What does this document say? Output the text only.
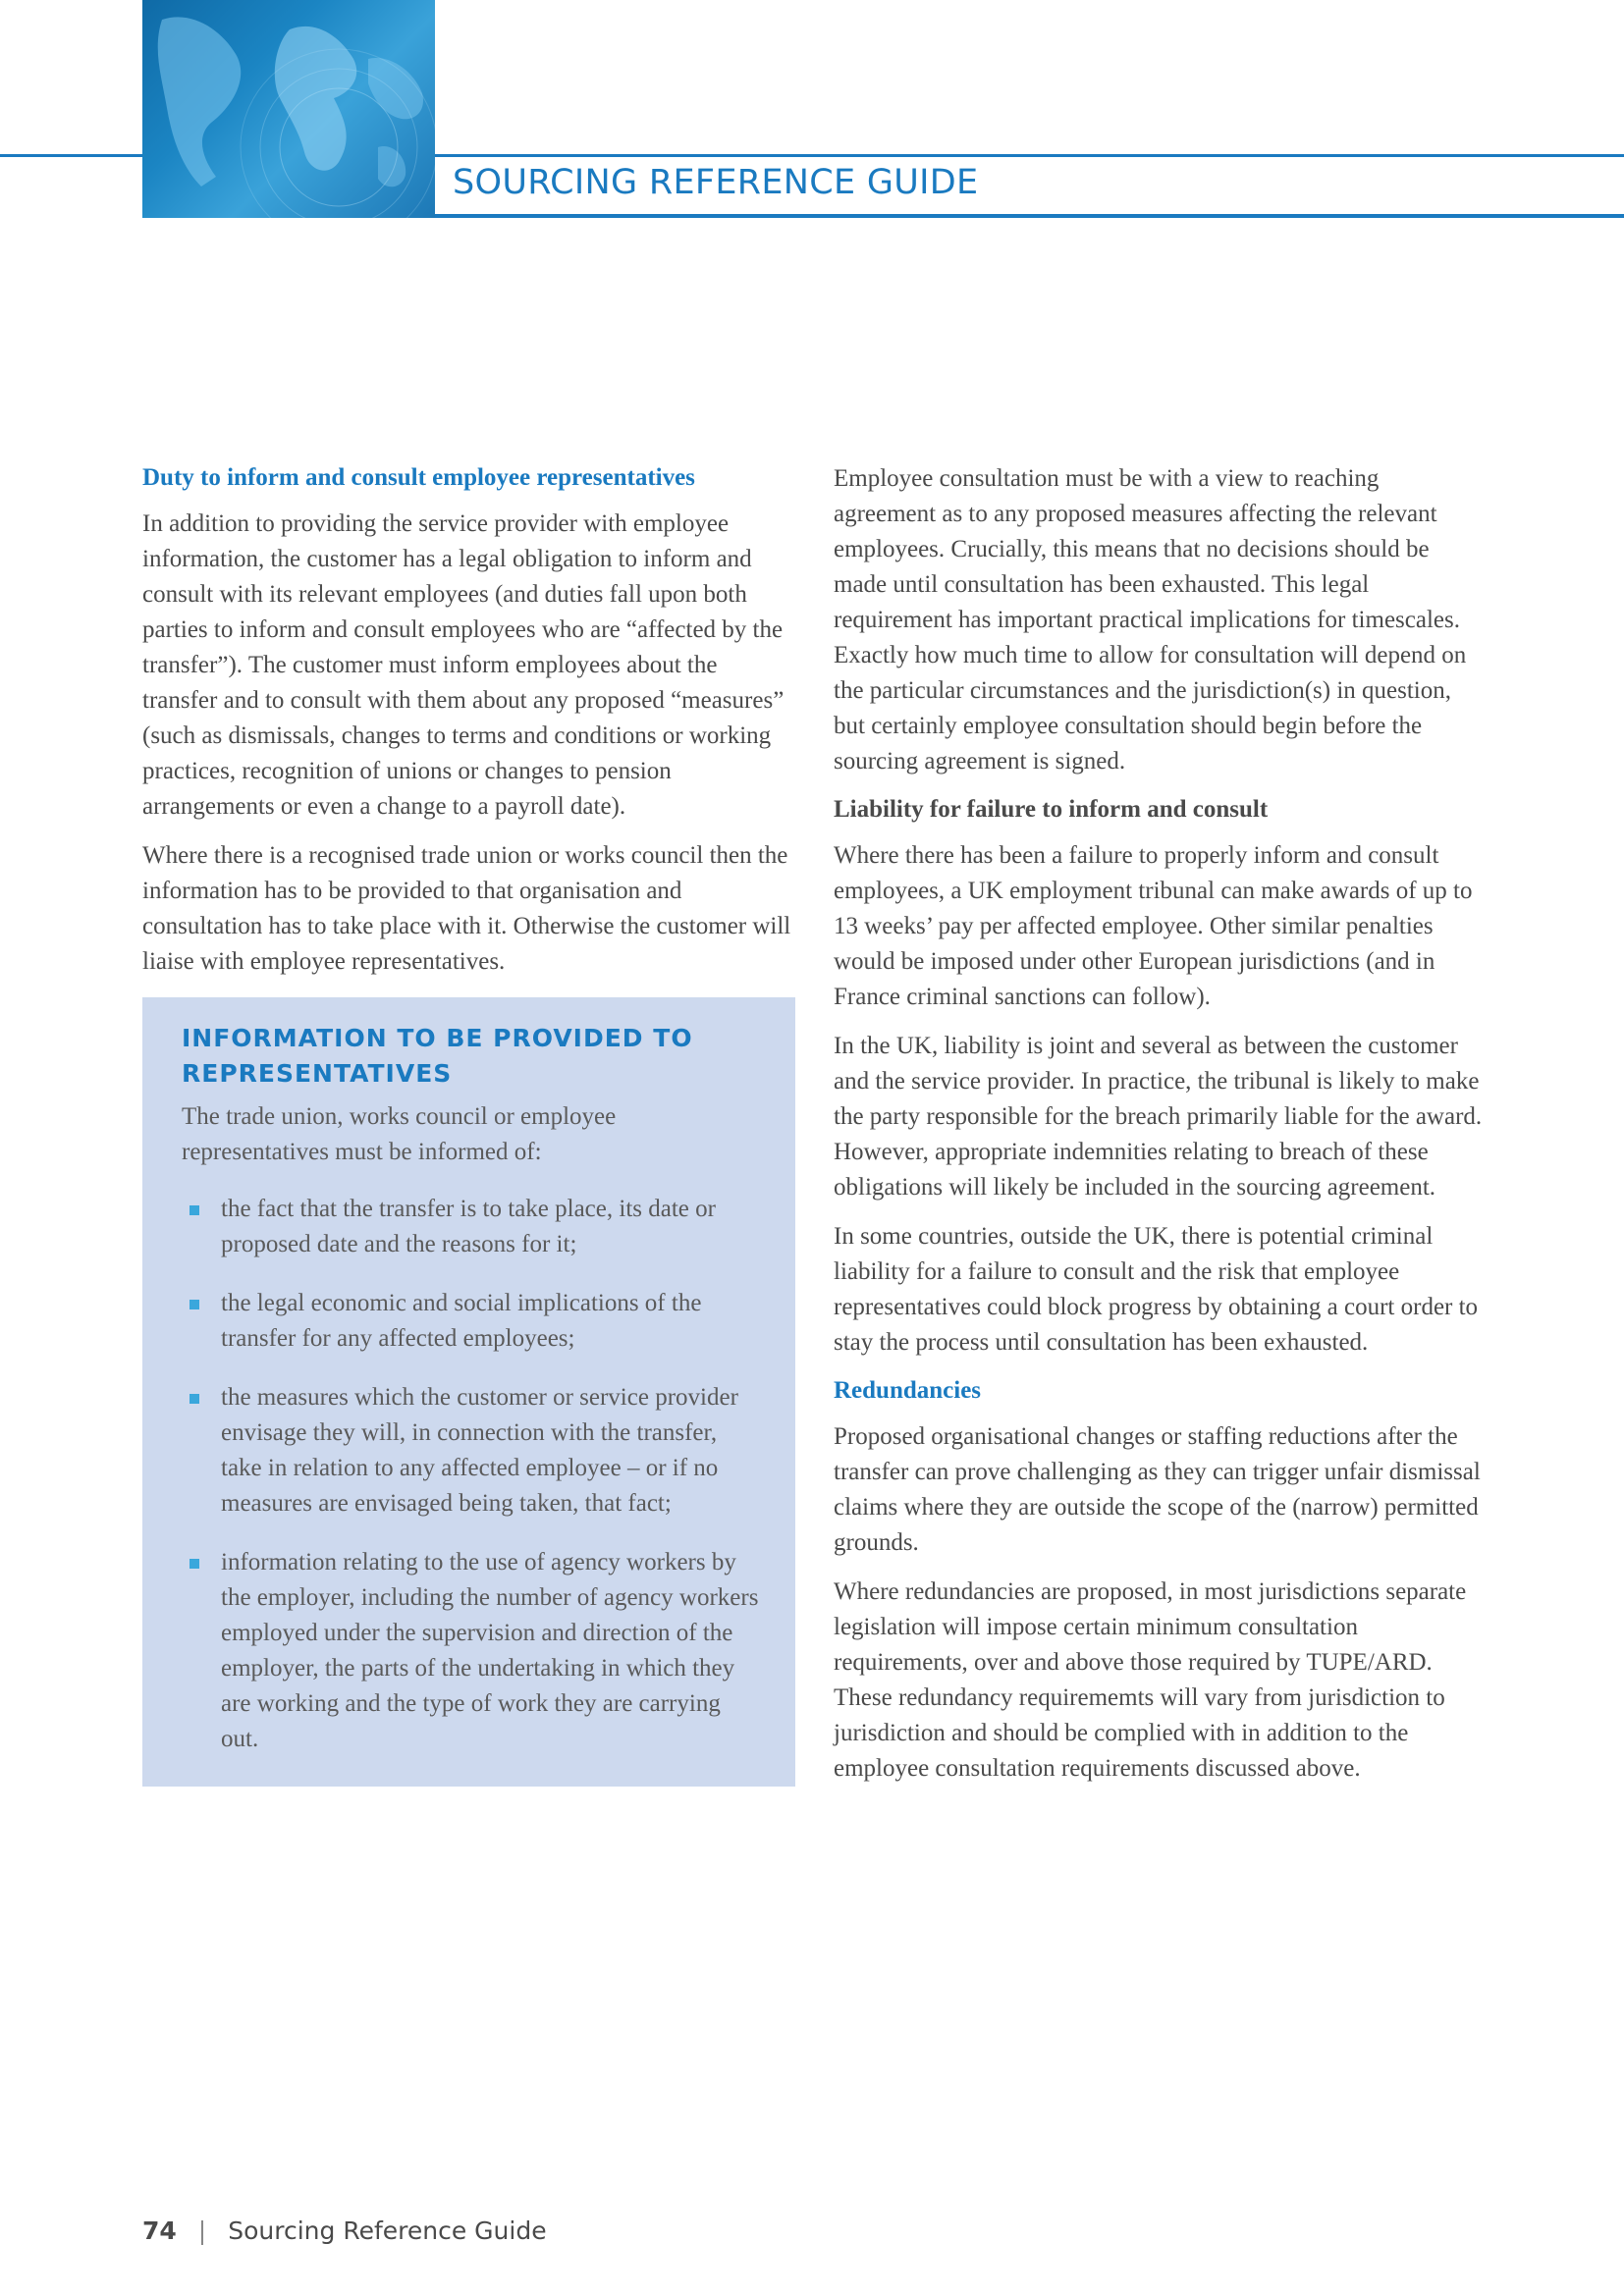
SOURCING REFERENCE GUIDE
Duty to inform and consult employee representatives

In addition to providing the service provider with employee information, the customer has a legal obligation to inform and consult with its relevant employees (and duties fall upon both parties to inform and consult employees who are “affected by the transfer”). The customer must inform employees about the transfer and to consult with them about any proposed “measures” (such as dismissals, changes to terms and conditions or working practices, recognition of unions or changes to pension arrangements or even a change to a payroll date).

Where there is a recognised trade union or works council then the information has to be provided to that organisation and consultation has to take place with it. Otherwise the customer will liaise with employee representatives.

INFORMATION TO BE PROVIDED TO REPRESENTATIVES
The trade union, works council or employee representatives must be informed of:
the fact that the transfer is to take place, its date or proposed date and the reasons for it;
the legal economic and social implications of the transfer for any affected employees;
the measures which the customer or service provider envisage they will, in connection with the transfer, take in relation to any affected employee – or if no measures are envisaged being taken, that fact;
information relating to the use of agency workers by the employer, including the number of agency workers employed under the supervision and direction of the employer, the parts of the undertaking in which they are working and the type of work they are carrying out.

Employee consultation must be with a view to reaching agreement as to any proposed measures affecting the relevant employees. Crucially, this means that no decisions should be made until consultation has been exhausted. This legal requirement has important practical implications for timescales. Exactly how much time to allow for consultation will depend on the particular circumstances and the jurisdiction(s) in question, but certainly employee consultation should begin before the sourcing agreement is signed.

Liability for failure to inform and consult

Where there has been a failure to properly inform and consult employees, a UK employment tribunal can make awards of up to 13 weeks’ pay per affected employee. Other similar penalties would be imposed under other European jurisdictions (and in France criminal sanctions can follow).

In the UK, liability is joint and several as between the customer and the service provider. In practice, the tribunal is likely to make the party responsible for the breach primarily liable for the award. However, appropriate indemnities relating to breach of these obligations will likely be included in the sourcing agreement.

In some countries, outside the UK, there is potential criminal liability for a failure to consult and the risk that employee representatives could block progress by obtaining a court order to stay the process until consultation has been exhausted.

Redundancies

Proposed organisational changes or staffing reductions after the transfer can prove challenging as they can trigger unfair dismissal claims where they are outside the scope of the (narrow) permitted grounds.

Where redundancies are proposed, in most jurisdictions separate legislation will impose certain minimum consultation requirements, over and above those required by TUPE/ARD. These redundancy requirememts will vary from jurisdiction to jurisdiction and should be complied with in addition to the employee consultation requirements discussed above.

74 | Sourcing Reference Guide
